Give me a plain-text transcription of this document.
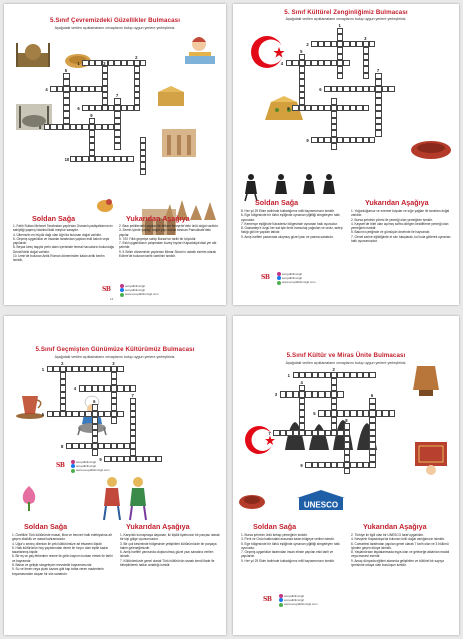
5.Sınıf Çevremizdeki Güzellikler Bulmacası
Aşağıdaki verilen açıklamaların cevaplarını bulup uygun yerlere yerleştiriniz.
1
2
3
4
5
6
7
8
9
10
Soldan Sağa	Yukarıdan Aşağıya
1. Fatih Sultan Mehmet Tarafından yaptırılan Osmanlı padişahlarına ev sahipliği yapmış İstanbul'daki meşhur saraydır.
4. Ülkemizin en büyük dağı olan Ağrı'da bulunan doğal varlıktır.
6. Geçmiş uygarlıklar ve insanlar tarafından yapılan eski kalıntı veya yapılardır.
8. Beyaz kireç taşıyla yerin alanı içerisinde termal havuzların bulunduğu Denizli'deki doğal varlıktır.
10. İzmir'de bulunan Antik Roman döneminden kalan antik kentin ismidir.
2. Bazı şekillerdeki yapılan ile bilinen Nevşehir'deki ünlü doğal varlıktır.
3. Zemin içinde yaptığı doğal yapı olarak tanınan Pamukkale'deki yapılar.
5. 700 Yıllık geçmişe sahip Bursa'nın tarihi bir köyüdür.
7. Eski uygarlıkların çalışmaları kuzey kıyıları Kapadokya'daki yer altı şehridir.
9. II.Selim döneminde yaptırılan Mimar Sinan'ın ustalık eserim olarak Edirne'de bulunan tarihi camiinin ismidir.
sosyalbilimcigil
sosyalbilimcigil
www.sosyalbilimcigil.com
SB
12
5. Sınıf Kültürel Zenginliğimiz Bulmacası
Aşağıdaki verilen açıklamaların cevaplarını bulup uygun yerlere yerleştiriniz.
1
2
3
4
5
6
7
8
9
Soldan Sağa	Yukarıdan Aşağıya
8. Her yıl 29 Ekim tarihinde kutladığımız milli bayramımızın ismidir.
6. Ege bölgesinde bir türkü eşliğinde oynanan yiğitliği simgeleyen halk oyunudur.
7. Kemençe eşliğinde Karadeniz bölgesinde oynanan halk oyunudur.
8. Gaziantep'e özgü her kat işte ilerle hamurlaş yoğrulan ve ceviz, antep fıstığı gibi ile yapılan tatlıdır.
9. Amiş harfleri pazarında oluşmuş güzel yazı ve yazma sanatıdır.
1. Yoğunluğumuz ve ezerme koyular ve sığır yağları ile tanıtılan doğal varlıktır.
2. Bursa şehrinin yöresi ile yemeği olan yemeğinin ismidir.
4. Kayseri'de bilet olan açılmış soffra dörtgen kesiliftirme yemeği olan yemeğinin ismidir.
5. Bakırın içeriğinde ve gümüşün devrinde ile hayvandır.
7. Genel zarine eğildiğinde el sıkı tutuşlarak, kol kola girilerek oynanan halk oyunumuzdur.
sosyalbilimcigil
sosyalbilimcigil
www.sosyalbilimcigil.com
SB
5.Sınıf Geçmişten Günümüze Kültürümüz Bulmacası
Aşağıdaki verilen açıklamaların cevaplarını bulup uygun yerlere yerleştiriniz.
1
2	3
4
5
6
7
8
9
Soldan Sağa	Yukarıdan Aşağıya
1. Özellikle Türk kültüründe masal, fikra ve benzeri halk edebiyatına ait geçen eksiklik ve masal kahramanıdır.
4. Uğur'u sevinç dilenları ile çeki kültürümüze ait efsanevi kişidir.
5. Halk kültürünün hoş yapılarından demir ile hırçın olan eşitle kadar tasarlanmış kişidir.
6. Bir eş ve yaş fethedme resme ile gelin kayının kurban etmek ile tarihi ve bayramdır.
8. Bahar ve geliştir simgeleyen mevsimlik bayramımızdır.
9. Su ve itmen veya çiçek kazanı gibi kap tahta veren madenlerin boyamasından oluşan bir süs sanatıdır.
1. Karşılıklı konuşmaya dayanan, iki kişilik tiyatronun bir parçası olarak bir kişi gölge oyunumuzdur.
3. Bir çok kesiminde bölgesinde yetiştirilen kültürümüzde bir parçaya halen geleneğimizdir.
6. Amiş harfleri yanısında oluşturulmuş güzel yazı sanatına verilen isimdir.
7. Kültürümüzde genel olarak Türk kültürünün sanatı kendi ifade ile birleştirilerek halkın anlattığı ismidir.
sosyalbilimcigil
sosyalbilimcigil
www.sosyalbilimcigil.com
SB
5.Sınıf Kültür ve Miras Ünite Bulmacası
Aşağıdaki verilen açıklamaların cevaplarını bulup uygun yerlere yerleştiriniz.
UNESCO
1
2
3
4
5
6
7
8
9
Soldan Sağa	Yukarıdan Aşağıya
1. Bursa şehrinin ünlü kebap yemeğinin ismidir.
3. Pırnt ve Ordu hakkındaki arasında kalan bölgeye verilen isimdir.
5. Ege bölgesinde bir türkü eşliğinde oynanan yiğitliği simgeleyen halk oyunudur.
7. Geçmiş uygarlıklar tarafından insan elinde yapılan eski tarih ve yapılardır.
9. Her yıl 29 Ekim tarihinde kutladığımız milli bayramımızın ismidir.
2. Türkiye ile ilgili olan bir UNESCO taraf uygarlıktır.
4. Nevşehir Kapadokya'da bulunan ünlü doğal varlığımızın isimidir.
6. Cumartesi tarafından yapılan genel olarak 7 tarih olan ve 3 bölümü içinden geçen dünya isimidir.
8. Yaşlandırılan faydalanmada eşya olan ve geleceğe aktarılan maddi veya manevi eserdir.
9. Amaç dünyada eğitimi alanında geliştirilen ve kültürel bir sayıya içerisinde ortaya olan kuruluşun ismidir.
sosyalbilimcigil
sosyalbilimcigil
www.sosyalbilimcigil.com
SB
